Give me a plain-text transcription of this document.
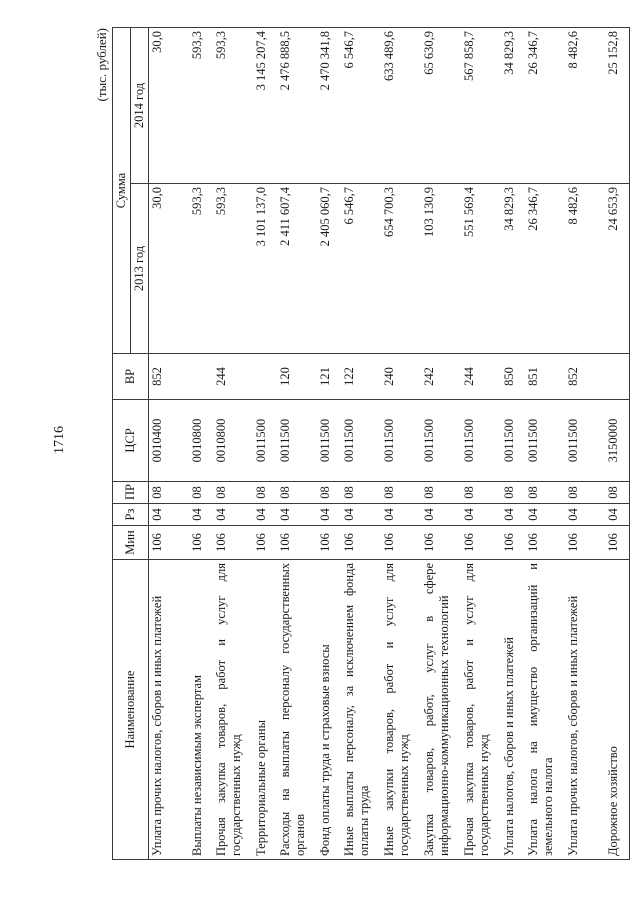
1716
(тыс. рублей)
Наименование	Мин	Рз	ПР	ЦСР	ВР	Сумма	
						2013 год	2014 год
Уплата прочих налогов, сборов и иных платежей	106	04	08	0010400	852	30,0	30,0
Выплаты независимым экспертам	106	04	08	0010800		593,3	593,3
Прочая закупка товаров, работ и услуг для государственных нужд	106	04	08	0010800	244	593,3	593,3
Территориальные органы	106	04	08	0011500		3 101 137,0	3 145 207,4
Расходы на выплаты персоналу государственных органов	106	04	08	0011500	120	2 411 607,4	2 476 888,5
Фонд оплаты труда и страховые взносы	106	04	08	0011500	121	2 405 060,7	2 470 341,8
Иные выплаты персоналу, за исключением фонда оплаты труда	106	04	08	0011500	122	6 546,7	6 546,7
Иные закупки товаров, работ и услуг для государственных нужд	106	04	08	0011500	240	654 700,3	633 489,6
Закупка товаров, работ, услуг в сфере информационно-коммуникационных технологий	106	04	08	0011500	242	103 130,9	65 630,9
Прочая закупка товаров, работ и услуг для государственных нужд	106	04	08	0011500	244	551 569,4	567 858,7
Уплата налогов, сборов и иных платежей	106	04	08	0011500	850	34 829,3	34 829,3
Уплата налога на имущество организаций и земельного налога	106	04	08	0011500	851	26 346,7	26 346,7
Уплата прочих налогов, сборов и иных платежей	106	04	08	0011500	852	8 482,6	8 482,6
Дорожное хозяйство	106	04	08	3150000		24 653,9	25 152,8
